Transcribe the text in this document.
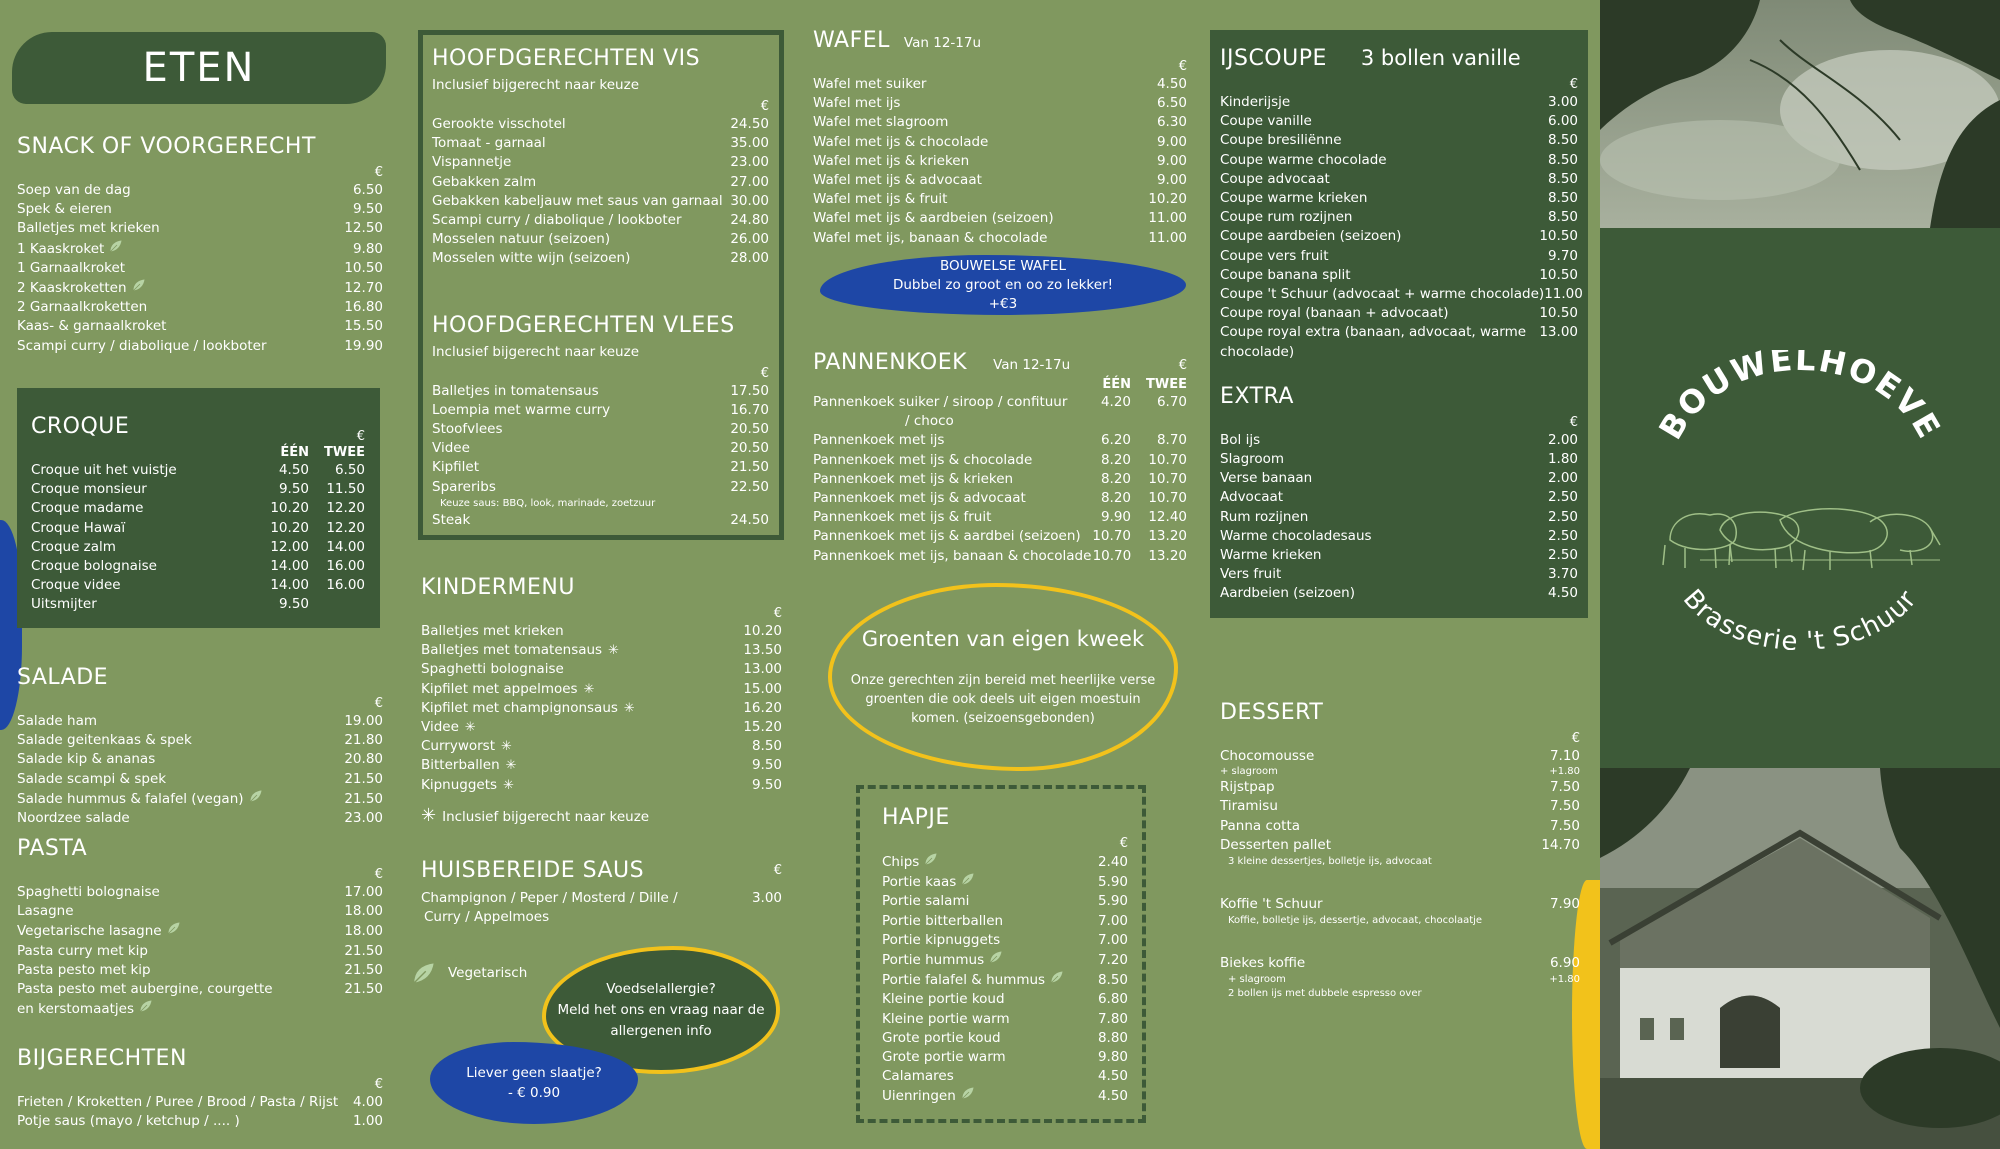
ETEN
SNACK OF VOORGERECHT
€
Soep van de dag	6.50
Spek & eieren	9.50
Balletjes met krieken	12.50
1 Kaaskroket	9.80
1 Garnaalkroket	10.50
2 Kaaskroketten	12.70
2 Garnaalkroketten	16.80
Kaas- & garnaalkroket	15.50
Scampi curry / diabolique / lookboter	19.90
CROQUE	€
ÉÉN	TWEE
Croque uit het vuistje	4.50	6.50
Croque monsieur	9.50	11.50
Croque madame	10.20	12.20
Croque Hawaï	10.20	12.20
Croque zalm	12.00	14.00
Croque bolognaise	14.00	16.00
Croque videe	14.00	16.00
Uitsmijter	9.50
SALADE
€
Salade ham	19.00
Salade geitenkaas & spek	21.80
Salade kip & ananas	20.80
Salade scampi & spek	21.50
Salade hummus & falafel (vegan)	21.50
Noordzee salade	23.00
PASTA
€
Spaghetti bolognaise	17.00
Lasagne	18.00
Vegetarische lasagne	18.00
Pasta curry met kip	21.50
Pasta pesto met kip	21.50
Pasta pesto met aubergine, courgette	21.50
en kerstomaatjes
BIJGERECHTEN
€
Frieten / Kroketten / Puree / Brood / Pasta / Rijst	4.00
Potje saus (mayo / ketchup / .... )	1.00
HOOFDGERECHTEN VIS
Inclusief bijgerecht naar keuze
€
Gerookte visschotel	24.50
Tomaat - garnaal	35.00
Vispannetje	23.00
Gebakken zalm	27.00
Gebakken kabeljauw met saus van garnaal 30.00
Scampi curry / diabolique / lookboter	24.80
Mosselen natuur (seizoen)	26.00
Mosselen witte wijn (seizoen)	28.00
HOOFDGERECHTEN VLEES
Inclusief bijgerecht naar keuze
€
Balletjes in tomatensaus	17.50
Loempia met warme curry	16.70
Stoofvlees	20.50
Videe	20.50
Kipfilet	21.50
Spareribs	22.50
Keuze saus: BBQ, look, marinade, zoetzuur
Steak	24.50
KINDERMENU
€
Balletjes met krieken	10.20
Balletjes met tomatensaus ✳	13.50
Spaghetti bolognaise	13.00
Kipfilet met appelmoes ✳	15.00
Kipfilet met champignonsaus ✳	16.20
Videe ✳	15.20
Curryworst ✳	8.50
Bitterballen ✳	9.50
Kipnuggets ✳	9.50
✳ Inclusief bijgerecht naar keuze
HUISBEREIDE SAUS	€
Champignon / Peper / Mosterd / Dille /	3.00
Curry / Appelmoes
Vegetarisch
Voedselallergie?
Meld het ons en vraag naar de
allergenen info
Liever geen slaatje?
- € 0.90
WAFEL Van 12-17u
€
Wafel met suiker	4.50
Wafel met ijs	6.50
Wafel met slagroom	6.30
Wafel met ijs & chocolade	9.00
Wafel met ijs & krieken	9.00
Wafel met ijs & advocaat	9.00
Wafel met ijs & fruit	10.20
Wafel met ijs & aardbeien (seizoen)	11.00
Wafel met ijs, banaan & chocolade	11.00
BOUWELSE WAFEL
Dubbel zo groot en oo zo lekker!
+€3
PANNENKOEK Van 12-17u	€
ÉÉN	TWEE
Pannenkoek suiker / siroop / confituur	4.20	6.70
/ choco
Pannenkoek met ijs	6.20	8.70
Pannenkoek met ijs & chocolade	8.20	10.70
Pannenkoek met ijs & krieken	8.20	10.70
Pannenkoek met ijs & advocaat	8.20	10.70
Pannenkoek met ijs & fruit	9.90	12.40
Pannenkoek met ijs & aardbei (seizoen) 10.70	13.20
Pannenkoek met ijs, banaan & chocolade 10.70	13.20
Groenten van eigen kweek
Onze gerechten zijn bereid met heerlijke verse
groenten die ook deels uit eigen moestuin
komen. (seizoensgebonden)
HAPJE
€
Chips	2.40
Portie kaas	5.90
Portie salami	5.90
Portie bitterballen	7.00
Portie kipnuggets	7.00
Portie hummus	7.20
Portie falafel & hummus	8.50
Kleine portie koud	6.80
Kleine portie warm	7.80
Grote portie koud	8.80
Grote portie warm	9.80
Calamares	4.50
Uienringen	4.50
IJSCOUPE 3 bollen vanille
€
Kinderijsje	3.00
Coupe vanille	6.00
Coupe bresiliënne	8.50
Coupe warme chocolade	8.50
Coupe advocaat	8.50
Coupe warme krieken	8.50
Coupe rum rozijnen	8.50
Coupe aardbeien (seizoen)	10.50
Coupe vers fruit	9.70
Coupe banana split	10.50
Coupe 't Schuur (advocaat + warme chocolade) 11.00
Coupe royal (banaan + advocaat)	10.50
Coupe royal extra (banaan, advocaat, warme 13.00
chocolade)
EXTRA
€
Bol ijs	2.00
Slagroom	1.80
Verse banaan	2.00
Advocaat	2.50
Rum rozijnen	2.50
Warme chocoladesaus	2.50
Warme krieken	2.50
Vers fruit	3.70
Aardbeien (seizoen)	4.50
DESSERT
€
Chocomousse	7.10
+ slagroom	+1.80
Rijstpap	7.50
Tiramisu	7.50
Panna cotta	7.50
Desserten pallet	14.70
3 kleine dessertjes, bolletje ijs, advocaat
Koffie 't Schuur	7.90
Koffie, bolletje ijs, dessertje, advocaat, chocolaatje
Biekes koffie	6.90
+ slagroom	+1.80
2 bollen ijs met dubbele espresso over
BOUWELHOEVE
Brasserie 't Schuur
